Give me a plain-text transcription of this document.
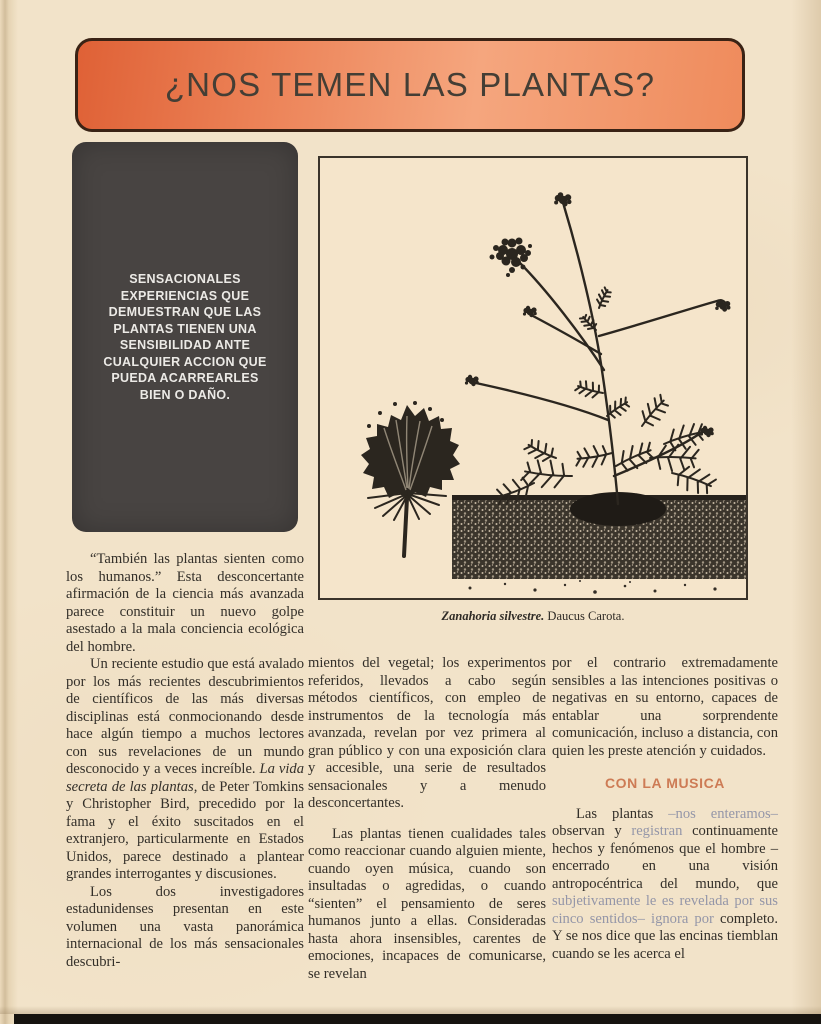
¿NOS TEMEN LAS PLANTAS?

SENSACIONALES EXPERIENCIAS QUE DEMUESTRAN QUE LAS PLANTAS TIENEN UNA SENSIBILIDAD ANTE CUALQUIER ACCION QUE PUEDA ACARREARLES BIEN O DAÑO.

Zanahoria silvestre. Daucus Carota.

“También las plantas sienten como los humanos.” Esta desconcertante afirmación de la ciencia más avanzada parece constituir un nuevo golpe asestado a la mala conciencia ecológica del hombre.

Un reciente estudio que está avalado por los más recientes descubrimientos de científicos de las más diversas disciplinas está conmocionando desde hace algún tiempo a muchos lectores con sus revelaciones de un mundo desconocido y a veces increíble. La vida secreta de las plantas, de Peter Tomkins y Christopher Bird, precedido por la fama y el éxito suscitados en el extranjero, particularmente en Estados Unidos, parece destinado a plantear grandes interrogantes y discusiones.

Los dos investigadores estadunidenses presentan en este volumen una vasta panorámica internacional de los más sensacionales descubri-

mientos del vegetal; los experimentos referidos, llevados a cabo según métodos científicos, con empleo de instrumentos de la tecnología más avanzada, revelan por vez primera al gran público y con una exposición clara y accesible, una serie de resultados sensacionales y a menudo desconcertantes.

Las plantas tienen cualidades tales como reaccionar cuando alguien miente, cuando oyen música, cuando son insultadas o agredidas, o cuando “sienten” el pensamiento de seres humanos junto a ellas. Consideradas hasta ahora insensibles, carentes de emociones, incapaces de comunicarse, se revelan

por el contrario extremadamente sensibles a las intenciones positivas o negativas en su entorno, capaces de entablar una sorprendente comunicación, incluso a distancia, con quien les preste atención y cuidados.

CON LA MUSICA

Las plantas –nos enteramos– observan y registran continuamente hechos y fenómenos que el hombre –encerrado en una visión antropocéntrica del mundo, que subjetivamente le es revelada por sus cinco sentidos– ignora por completo. Y se nos dice que las encinas tiemblan cuando se les acerca el
